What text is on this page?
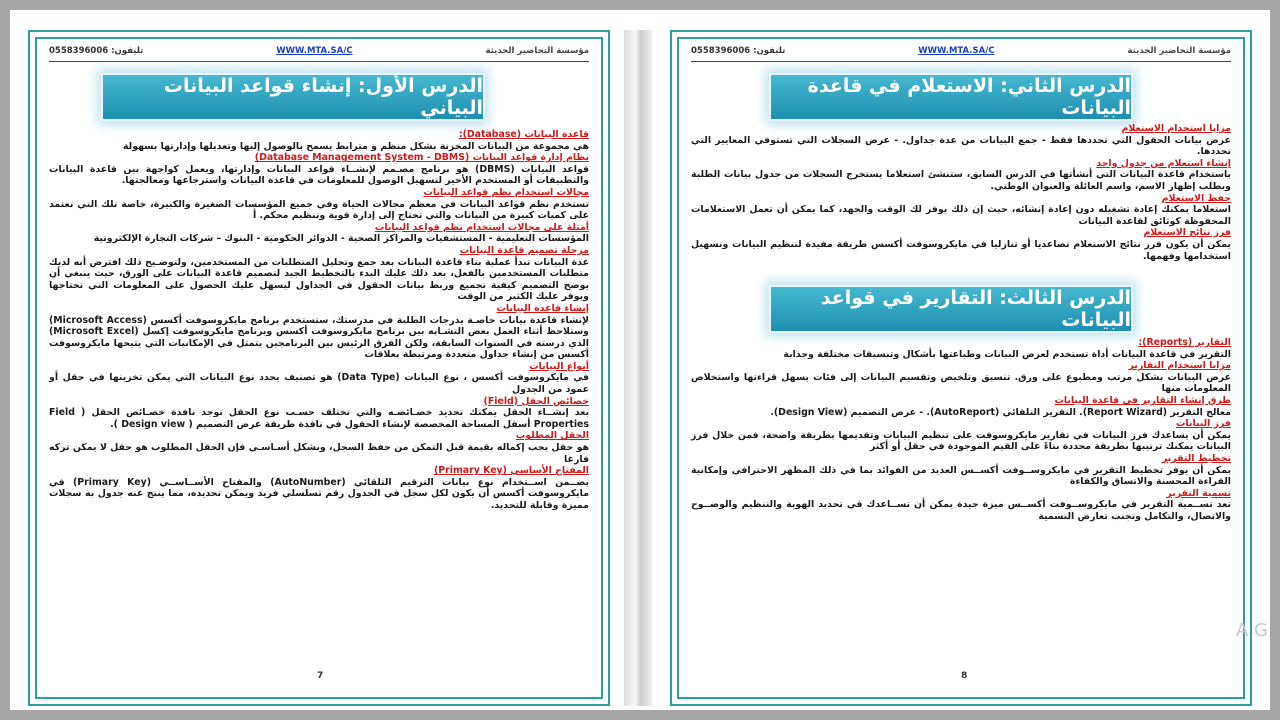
مؤسسة التحاضير الحديثة
WWW.MTA.SA/C
تليفون: 0558396006
الدرس الأول: إنشاء قواعد البيانات البياني
قاعدة البيانات (Database):

هي مجموعة من البيانات المخزنة بشكل منظم و مترابط يسمح بالوصول إليها وتعديلها وإدارتها بسهولة

نظام إدارة قواعد البيانات (Database Management System - DBMS)

قواعد البيانات (DBMS) هو برنامج مصـمم لإنشــاء قواعد البيانات وإدارتها، ويعمل كواجهة بين قاعدة البيانات والتطبيقات أو المستخدم الأخير لتسهيل الوصول للمعلومات في قاعدة البيانات واسترجاعها ومعالجتها.

مجالات استخدام نظم قواعد البيانات

تستخدم نظم قواعد البيانات في معظم مجالات الحياة وفي جميع المؤسسات الصغيرة والكبيرة، خاصة تلك التي تعتمد على كميات كبيرة من البيانات والتي تحتاج إلى إدارة قوية وتنظيم محكم. أ

أمثلة على مجالات استخدام نظم قواعد البيانات

المؤسسات التعليمية - المستشفيات والمراكز الصحية - الدوائر الحكومية - البنوك – شركات التجارة الإلكترونية

مرحلة تصميم قاعدة البيانات

عدة البيانات تبدأ عملية بناء قاعدة البيانات بعد جمع وتحليل المتطلبات من المستخدمين، ولتوضـيح ذلك افترض أنه لديك متطلبات المستخدمين بالفعل، بعد ذلك عليك البدء بالتخطيط الجيد لتصميم قاعدة البيانات على الورق، حيث ينبغي أن يوضح التصميم كيفية تجميع وربط بيانات الحقول في الجداول ليسهل عليك الحصول على المعلومات التي تحتاجها ويوفر عليك الكثير من الوقت

إنشاء قاعدة البيانات

لإنشاء قاعدة بيانات خاصـة بدرجات الطلبة في مدرستك، ستستخدم برنامج مايكروسوفت أكسس (Microsoft Access) وستلاحظ أثناء العمل بعض التشـابه بين برنامج مايكروسوفت أكسس وبرنامج مايكروسوفت إكسل (Microsoft Excel) الذي درسته في السنوات السابقة، ولكن الفرق الرئيس بين البرنامجين يتمثل في الإمكانيات التي يتيحها مايكروسوفت أكسس من إنشاء جداول متعددة ومرتبطة بعلاقات

أنواع البيانات

في مايكروسوفت أكسس ، نوع البيانات (Data Type) هو تصنيف يحدد نوع البيانات التي يمكن تخزينها في حقل أو عمود من الجدول

خصائص الحقل (Field)

بعد إنشــاء الحقل يمكنك تحديد خصـائصـه والتي تختلف حسـب نوع الحقل توجد نافذة خصـائص الحقل ( Field Properties أسفل المساحة المخصصة لإنشاء الحقول في نافذة طريقة عرض التصميم ( Design view ).

الحقل المطلوب

هو حقل يجب إكماله بقيمة قبل التمكن من حفظ السجل، وبشكل أسـاسـي فإن الحقل المطلوب هو حقل لا يمكن تركه فارغا

المفتاح الأساسي (Primary Key)

يضــمن اســتخدام نوع بيانات الترقيم التلقائي (AutoNumber) والمفتاح الأســاســي (Primary Key) في مايكروسوفت أكسس أن يكون لكل سجل في الجدول رقم تسلسلي فريد ويمكن تحديده، مما ينتج عنه جدول به سجلات مميزة وقابلة للتحديد.

7
مؤسسة التحاضير الحديثة
WWW.MTA.SA/C
تليفون: 0558396006
الدرس الثاني: الاستعلام في قاعدة البيانات
مزايا استخدام الاستعلام

عرض بيانات الحقول التي تحددها فقط - جمع البيانات من عدة جداول. - عرض السجلات التي تستوفي المعايير التي تحددها.

إنشاء استعلام من جدول واحد

باستخدام قاعدة البيانات التي أنشأتها في الدرس السابق، ستنشئ استعلاما يستخرج السجلات من جدول بيانات الطلبة ويطلب إظهار الاسم، واسم العائلة والعنوان الوطني.

حفظ الاستعلام

استعلاما يمكنك إعادة تشغيله دون إعادة إنشائه، حيث إن ذلك يوفر لك الوقت والجهد، كما يمكن أن تعمل الاستعلامات المحفوظة كوثائق لقاعدة البيانات

فرز نتائج الاستعلام

يمكن أن يكون فرز نتائج الاستعلام تصاعديا أو تنازليا في مايكروسوفت أكسس طريقة مفيدة لتنظيم البيانات وتسهيل استخدامها وفهمها.

الدرس الثالث: التقارير في قواعد البيانات
التقارير (Reports):

التقرير في قاعدة البيانات أداة تستخدم لعرض البيانات وطباعتها بأشكال وتنسيقات مختلفة وجذابة

مزايا استخدام التقارير

عرض البيانات بشكل مرتب ومطبوع على ورق. تنسيق وتلخيص وتقسيم البيانات إلى فئات يسهل قراءتها واستخلاص المعلومات منها

طرق إنشاء التقارير في قاعدة البيانات

معالج التقرير (Report Wizard). التقرير التلقائي (AutoReport). - عرض التصميم (Design View).

فرز البيانات

يمكن أن يساعدك فرز البيانات في تقارير مايكروسوفت على تنظيم البيانات وتقديمها بطريقة واضحة، فمن خلال فرز البيانات يمكنك ترتيبها بطريقة محددة بناءً على القيم الموجودة في حقل أو أكثر

تخطيط التقرير

يمكن أن يوفر تخطيط التقرير في مايكروســوفت أكســس العديد من الفوائد بما في ذلك المظهر الاحترافي وإمكانية القراءة المحسنة والاتساق والكفاءة

تسمية التقرير

تعد تســمية التقرير في مايكروســوفت أكســس ميزة جيدة يمكن أن تســاعدك في تحديد الهوية والتنظيم والوضــوح والاتصال، والتكامل وتجنب تعارض التسمية

8
A G
